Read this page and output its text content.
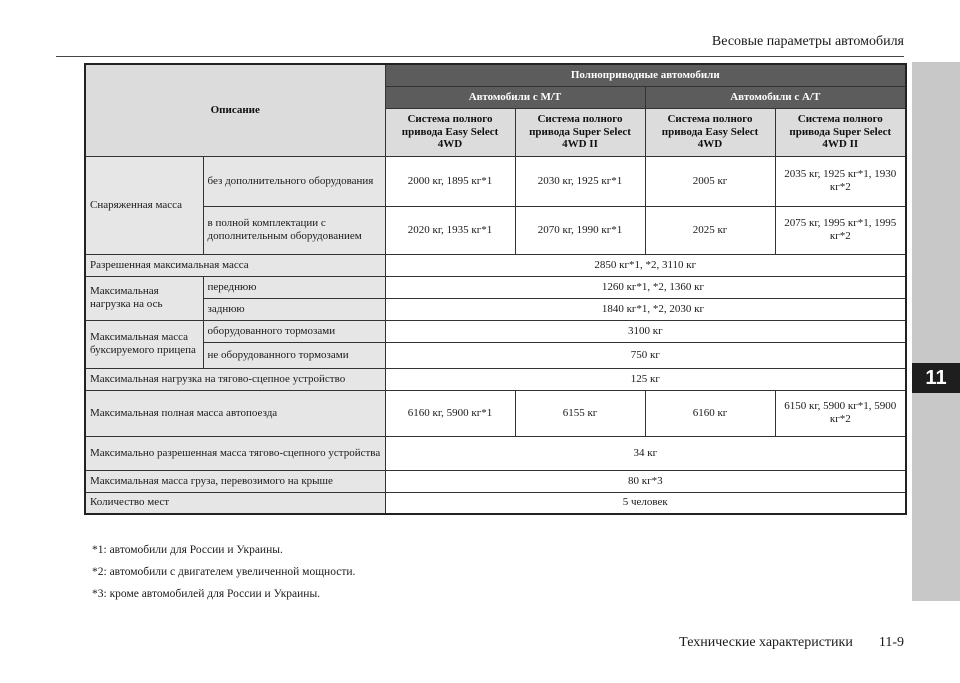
Весовые параметры автомобиля
11
Описание		Полноприводные автомобили			
		Автомобили с М/Т		Автомобили с А/Т	
		Система полного привода Easy Select 4WD	Система полного привода Super Select 4WD II	Система полного привода Easy Select 4WD	Система полного привода Super Select 4WD II
Снаряженная масса	без дополнительного оборудования	2000 кг, 1895 кг*1	2030 кг, 1925 кг*1	2005 кг	2035 кг, 1925 кг*1, 1930 кг*2
	в полной комплектации с дополнительным оборудованием	2020 кг, 1935 кг*1	2070 кг, 1990 кг*1	2025 кг	2075 кг, 1995 кг*1, 1995 кг*2
Разрешенная максимальная масса		2850 кг*1, *2, 3110 кг			
Максимальная нагрузка на ось	переднюю	1260 кг*1, *2, 1360 кг			
	заднюю	1840 кг*1, *2, 2030 кг			
Максимальная масса буксируемого прицепа	оборудованного тормозами	3100 кг			
	не оборудованного тормозами	750 кг			
Максимальная нагрузка на тягово-сцепное устройство		125 кг			
Максимальная полная масса автопоезда		6160 кг, 5900 кг*1	6155 кг	6160 кг	6150 кг, 5900 кг*1, 5900 кг*2
Максимально разрешенная масса тягово-сцепного устройства		34 кг			
Максимальная масса груза, перевозимого на крыше		80 кг*3			
Количество мест		5 человек			
*1: автомобили для России и Украины.
*2: автомобили с двигателем увеличенной мощности.
*3: кроме автомобилей для России и Украины.
Технические характеристики 11-9
